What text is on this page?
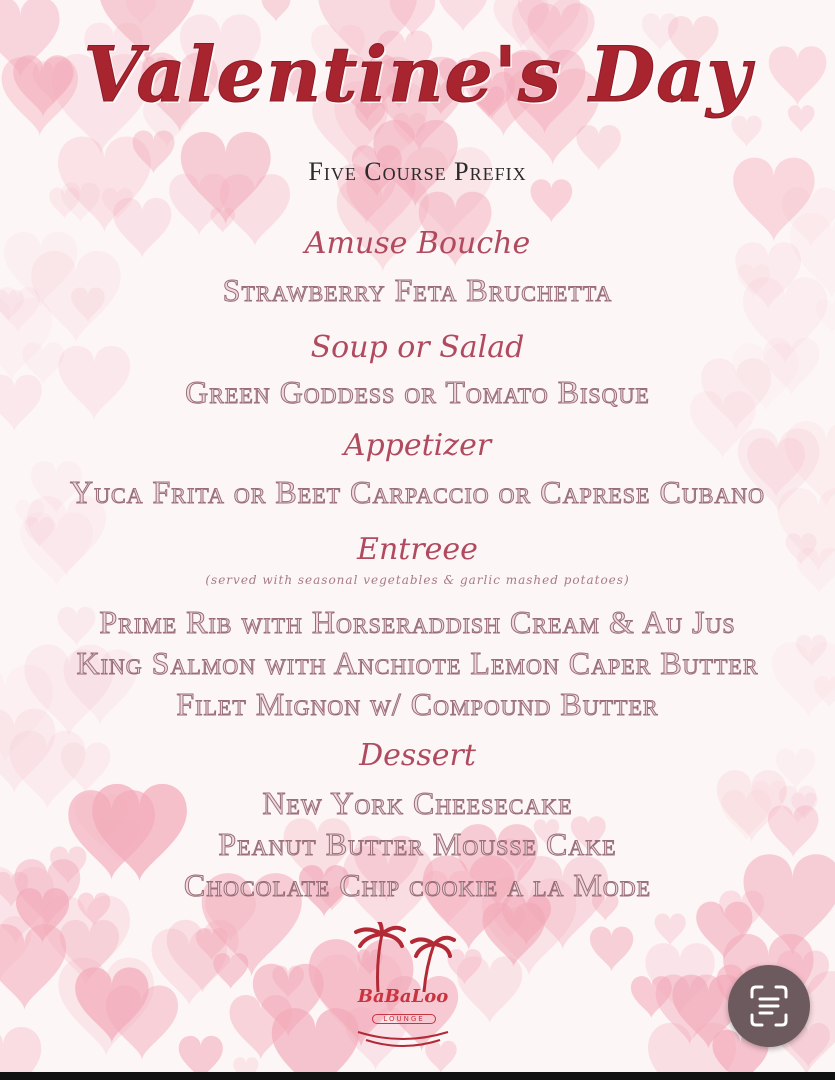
Valentine's Day
Five Course Prefix
Amuse Bouche
Strawberry Feta Bruchetta
Soup or Salad
Green Goddess or Tomato Bisque
Appetizer
Yuca Frita or Beet Carpaccio or Caprese Cubano
Entreee
(served with seasonal vegetables & garlic mashed potatoes)
Prime Rib with Horseraddish Cream & Au Jus
King Salmon with Anchiote Lemon Caper Butter
Filet Mignon w/ Compound Butter
Dessert
New York Cheesecake
Peanut Butter Mousse Cake
Chocolate Chip cookie a la Mode
BaBaLoo
LOUNGE
